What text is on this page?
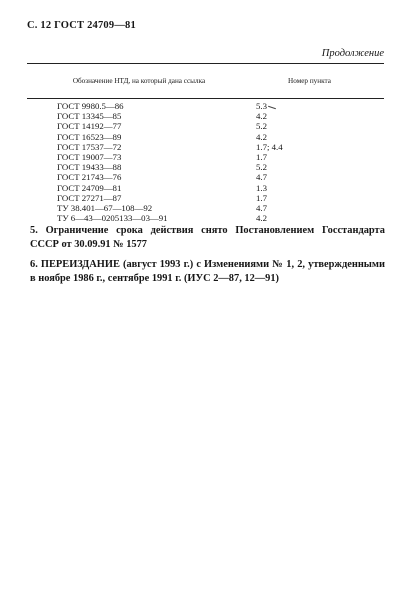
С. 12 ГОСТ 24709—81
Продолжение
Обозначение НТД, на который дана ссылка	Номер пункта
ГОСТ 9980.5—86	5.3
ГОСТ 13345—85	4.2
ГОСТ 14192—77	5.2
ГОСТ 16523—89	4.2
ГОСТ 17537—72	1.7; 4.4
ГОСТ 19007—73	1.7
ГОСТ 19433—88	5.2
ГОСТ 21743—76	4.7
ГОСТ 24709—81	1.3
ГОСТ 27271—87	1.7
ТУ 38.401—67—108—92	4.7
ТУ 6—43—0205133—03—91	4.2
5. Ограничение срока действия снято Постановлением Госстандарта СССР от 30.09.91 № 1577
6. ПЕРЕИЗДАНИЕ (август 1993 г.) с Изменениями № 1, 2, утвержденными в ноябре 1986 г., сентябре 1991 г. (ИУС 2—87, 12—91)
